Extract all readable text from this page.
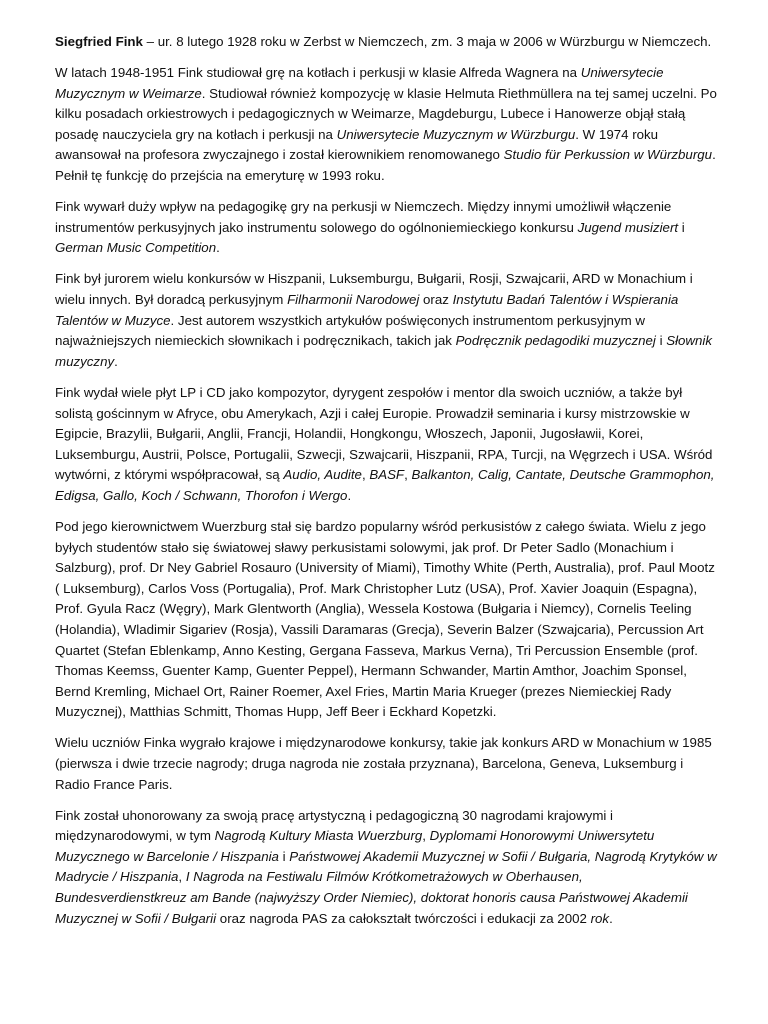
Siegfried Fink – ur. 8 lutego 1928 roku w Zerbst w Niemczech, zm. 3 maja w 2006 w Würzburgu w Niemczech.

W latach 1948-1951 Fink studiował grę na kotłach i perkusji w klasie Alfreda Wagnera na Uniwersytecie Muzycznym w Weimarze. Studiował również kompozycję w klasie Helmuta Riethmüllera na tej samej uczelni. Po kilku posadach orkiestrowych i pedagogicznych w Weimarze, Magdeburgu, Lubece i Hanowerze objął stałą posadę nauczyciela gry na kotłach i perkusji na Uniwersytecie Muzycznym w Würzburgu. W 1974 roku awansował na profesora zwyczajnego i został kierownikiem renomowanego Studio für Perkussion w Würzburgu. Pełnił tę funkcję do przejścia na emeryturę w 1993 roku.

Fink wywarł duży wpływ na pedagogikę gry na perkusji w Niemczech. Między innymi umożliwił włączenie instrumentów perkusyjnych jako instrumentu solowego do ogólnoniemieckiego konkursu Jugend musiziert i German Music Competition.

Fink był jurorem wielu konkursów w Hiszpanii, Luksemburgu, Bułgarii, Rosji, Szwajcarii, ARD w Monachium i wielu innych. Był doradcą perkusyjnym Filharmonii Narodowej oraz Instytutu Badań Talentów i Wspierania Talentów w Muzyce. Jest autorem wszystkich artykułów poświęconych instrumentom perkusyjnym w najważniejszych niemieckich słownikach i podręcznikach, takich jak Podręcznik pedagodiki muzycznej i Słownik muzyczny.

Fink wydał wiele płyt LP i CD jako kompozytor, dyrygent zespołów i mentor dla swoich uczniów, a także był solistą gościnnym w Afryce, obu Amerykach, Azji i całej Europie. Prowadził seminaria i kursy mistrzowskie w Egipcie, Brazylii, Bułgarii, Anglii, Francji, Holandii, Hongkongu, Włoszech, Japonii, Jugosławii, Korei, Luksemburgu, Austrii, Polsce, Portugalii, Szwecji, Szwajcarii, Hiszpanii, RPA, Turcji, na Węgrzech i USA. Wśród wytwórni, z którymi współpracował, są Audio, Audite, BASF, Balkanton, Calig, Cantate, Deutsche Grammophon, Edigsa, Gallo, Koch / Schwann, Thorofon i Wergo.

Pod jego kierownictwem Wuerzburg stał się bardzo popularny wśród perkusistów z całego świata. Wielu z jego byłych studentów stało się światowej sławy perkusistami solowymi, jak prof. Dr Peter Sadlo (Monachium i Salzburg), prof. Dr Ney Gabriel Rosauro (University of Miami), Timothy White (Perth, Australia), prof. Paul Mootz ( Luksemburg), Carlos Voss (Portugalia), Prof. Mark Christopher Lutz (USA), Prof. Xavier Joaquin (Espagna), Prof. Gyula Racz (Węgry), Mark Glentworth (Anglia), Wessela Kostowa (Bułgaria i Niemcy), Cornelis Teeling (Holandia), Wladimir Sigariev (Rosja), Vassili Daramaras (Grecja), Severin Balzer (Szwajcaria), Percussion Art Quartet (Stefan Eblenkamp, Anno Kesting, Gergana Fasseva, Markus Verna), Tri Percussion Ensemble (prof. Thomas Keemss, Guenter Kamp, Guenter Peppel), Hermann Schwander, Martin Amthor, Joachim Sponsel, Bernd Kremling, Michael Ort, Rainer Roemer, Axel Fries, Martin Maria Krueger (prezes Niemieckiej Rady Muzycznej), Matthias Schmitt, Thomas Hupp, Jeff Beer i Eckhard Kopetzki.

Wielu uczniów Finka wygrało krajowe i międzynarodowe konkursy, takie jak konkurs ARD w Monachium w 1985 (pierwsza i dwie trzecie nagrody; druga nagroda nie została przyznana), Barcelona, Geneva, Luksemburg i Radio France Paris.

Fink został uhonorowany za swoją pracę artystyczną i pedagogiczną 30 nagrodami krajowymi i międzynarodowymi, w tym Nagrodą Kultury Miasta Wuerzburg, Dyplomami Honorowymi Uniwersytetu Muzycznego w Barcelonie / Hiszpania i Państwowej Akademii Muzycznej w Sofii / Bułgaria, Nagrodą Krytyków w Madrycie / Hiszpania, I Nagroda na Festiwalu Filmów Krótkometrażowych w Oberhausen, Bundesverdienstkreuz am Bande (najwyższy Order Niemiec), doktorat honoris causa Państwowej Akademii Muzycznej w Sofii / Bułgarii oraz nagroda PAS za całokształt twórczości i edukacji za 2002 rok.
